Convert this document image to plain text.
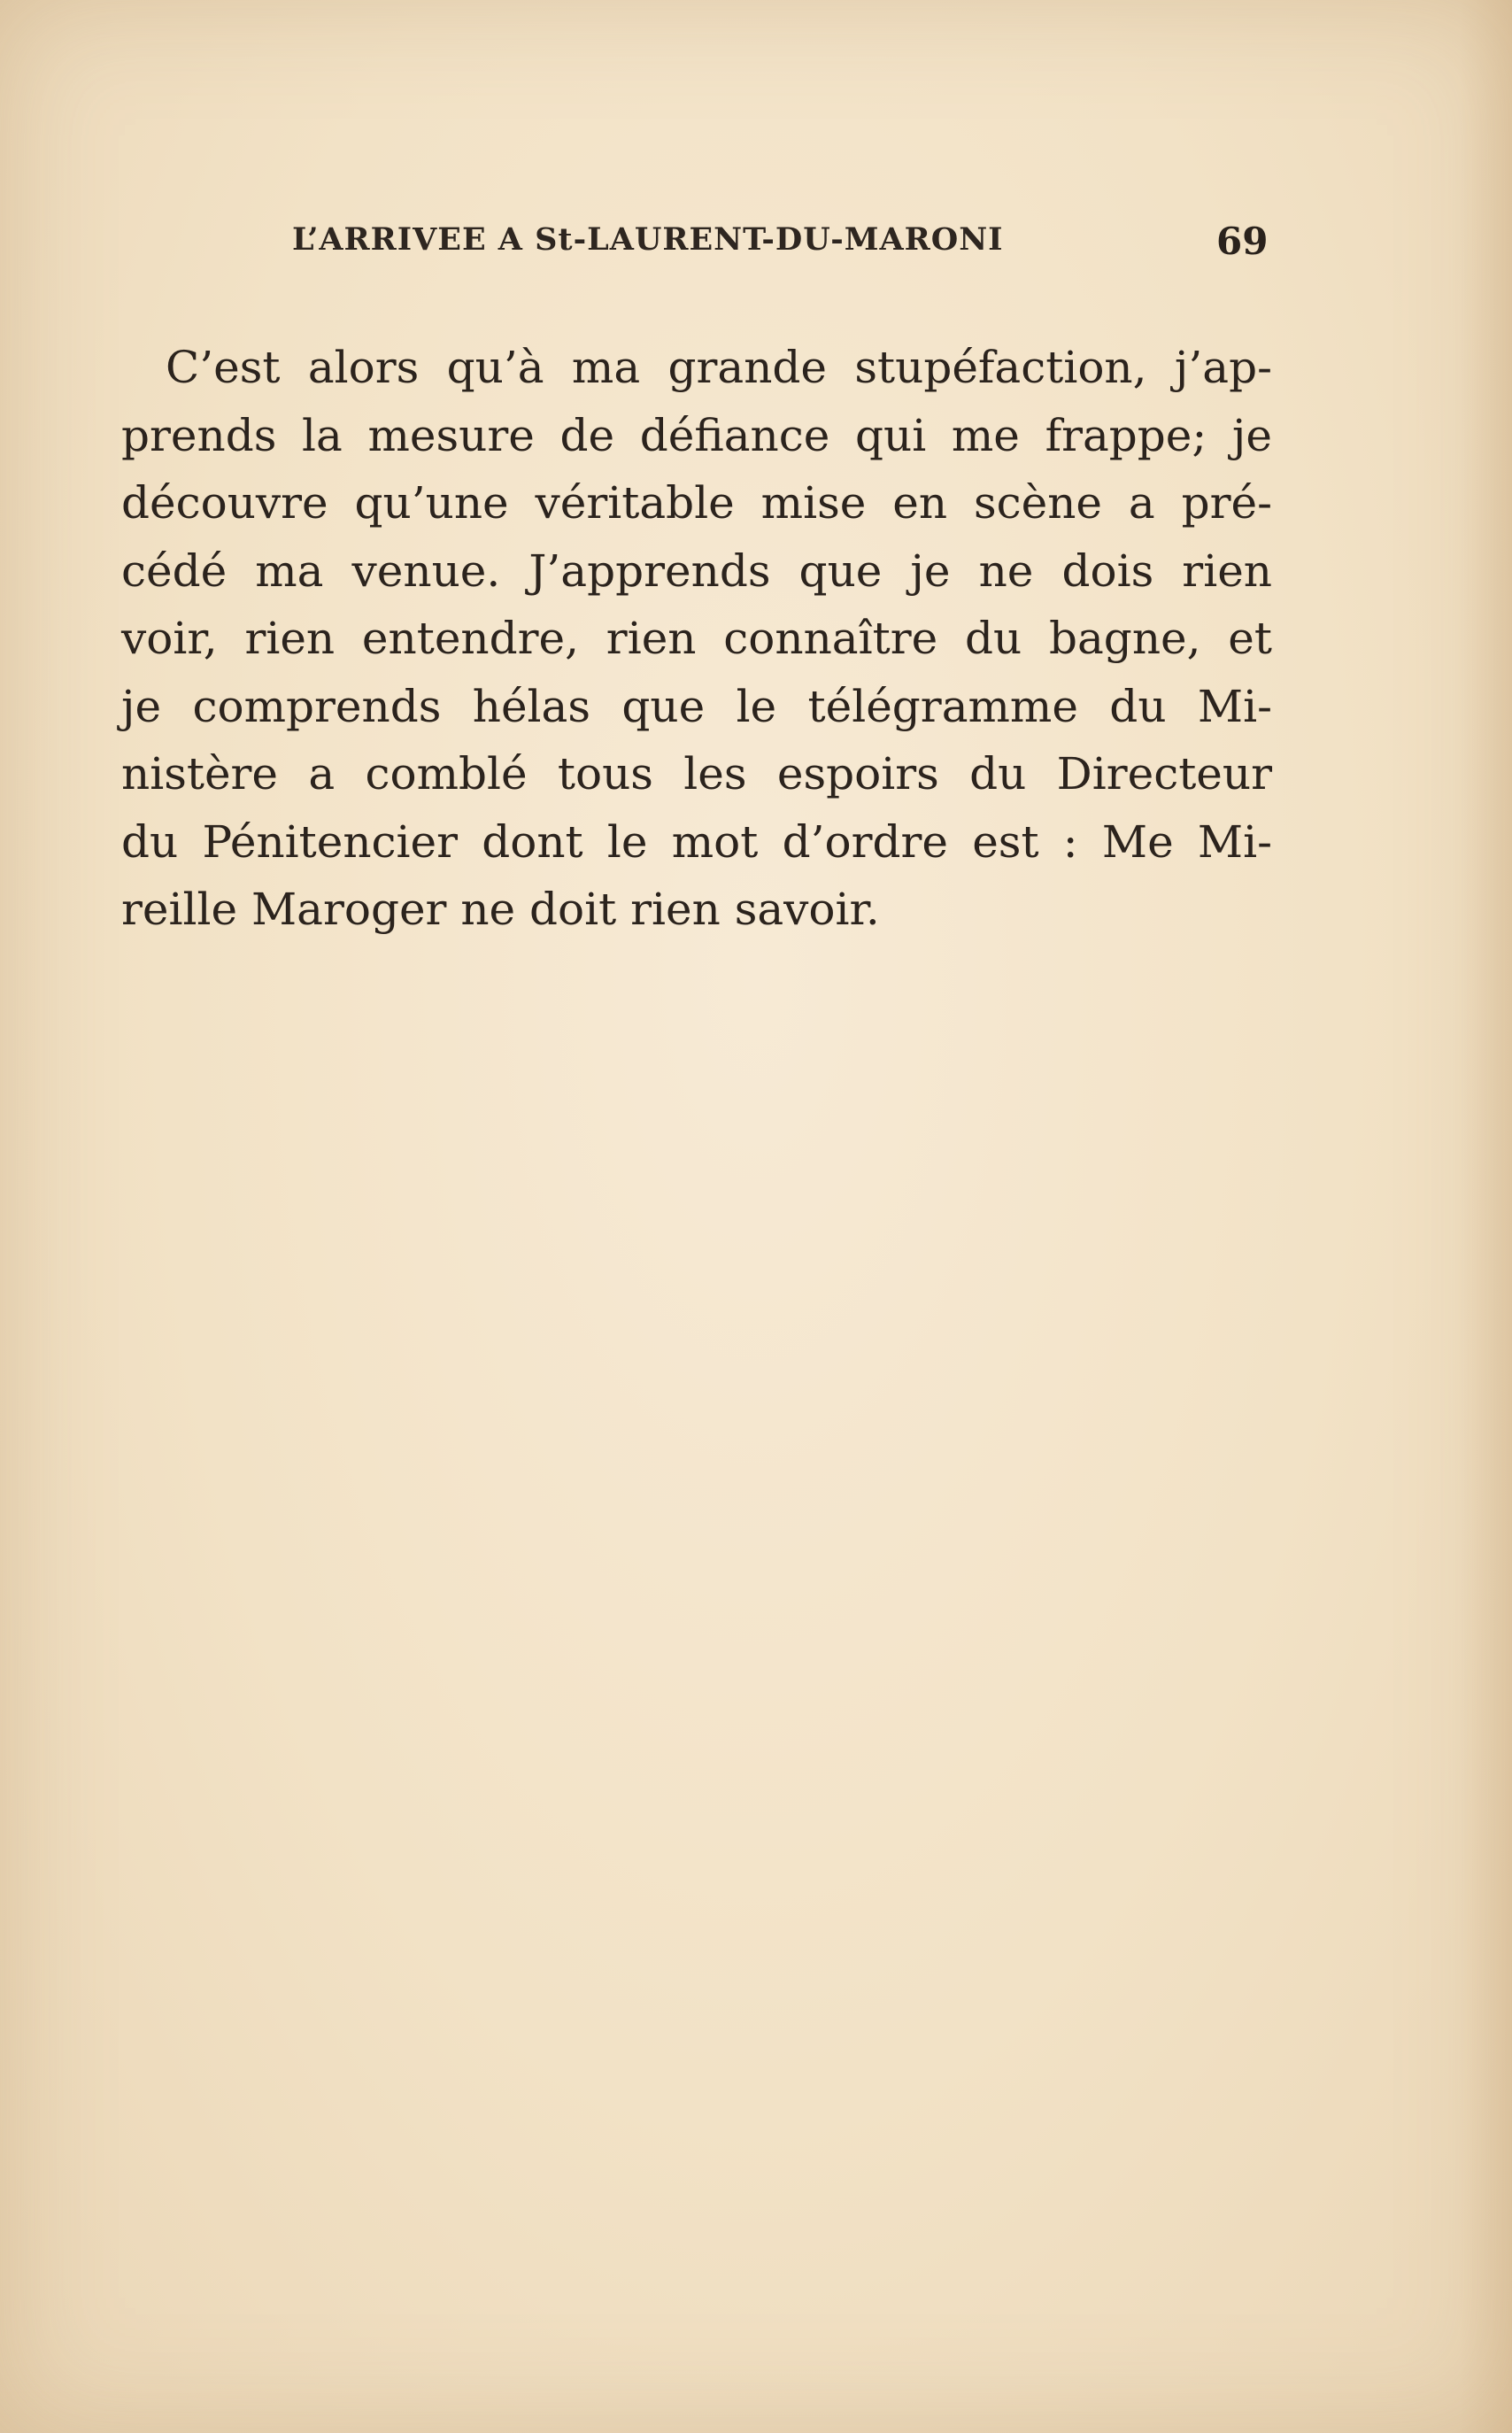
L’ARRIVEE A St-LAURENT-DU-MARONI	69
C’est alors qu’à ma grande stupéfaction, j’ap-
prends la mesure de défiance qui me frappe; je
découvre qu’une véritable mise en scène a pré-
cédé ma venue. J’apprends que je ne dois rien
voir, rien entendre, rien connaître du bagne, et
je comprends hélas que le télégramme du Mi-
nistère a comblé tous les espoirs du Directeur
du Pénitencier dont le mot d’ordre est : Me Mi-
reille Maroger ne doit rien savoir.
